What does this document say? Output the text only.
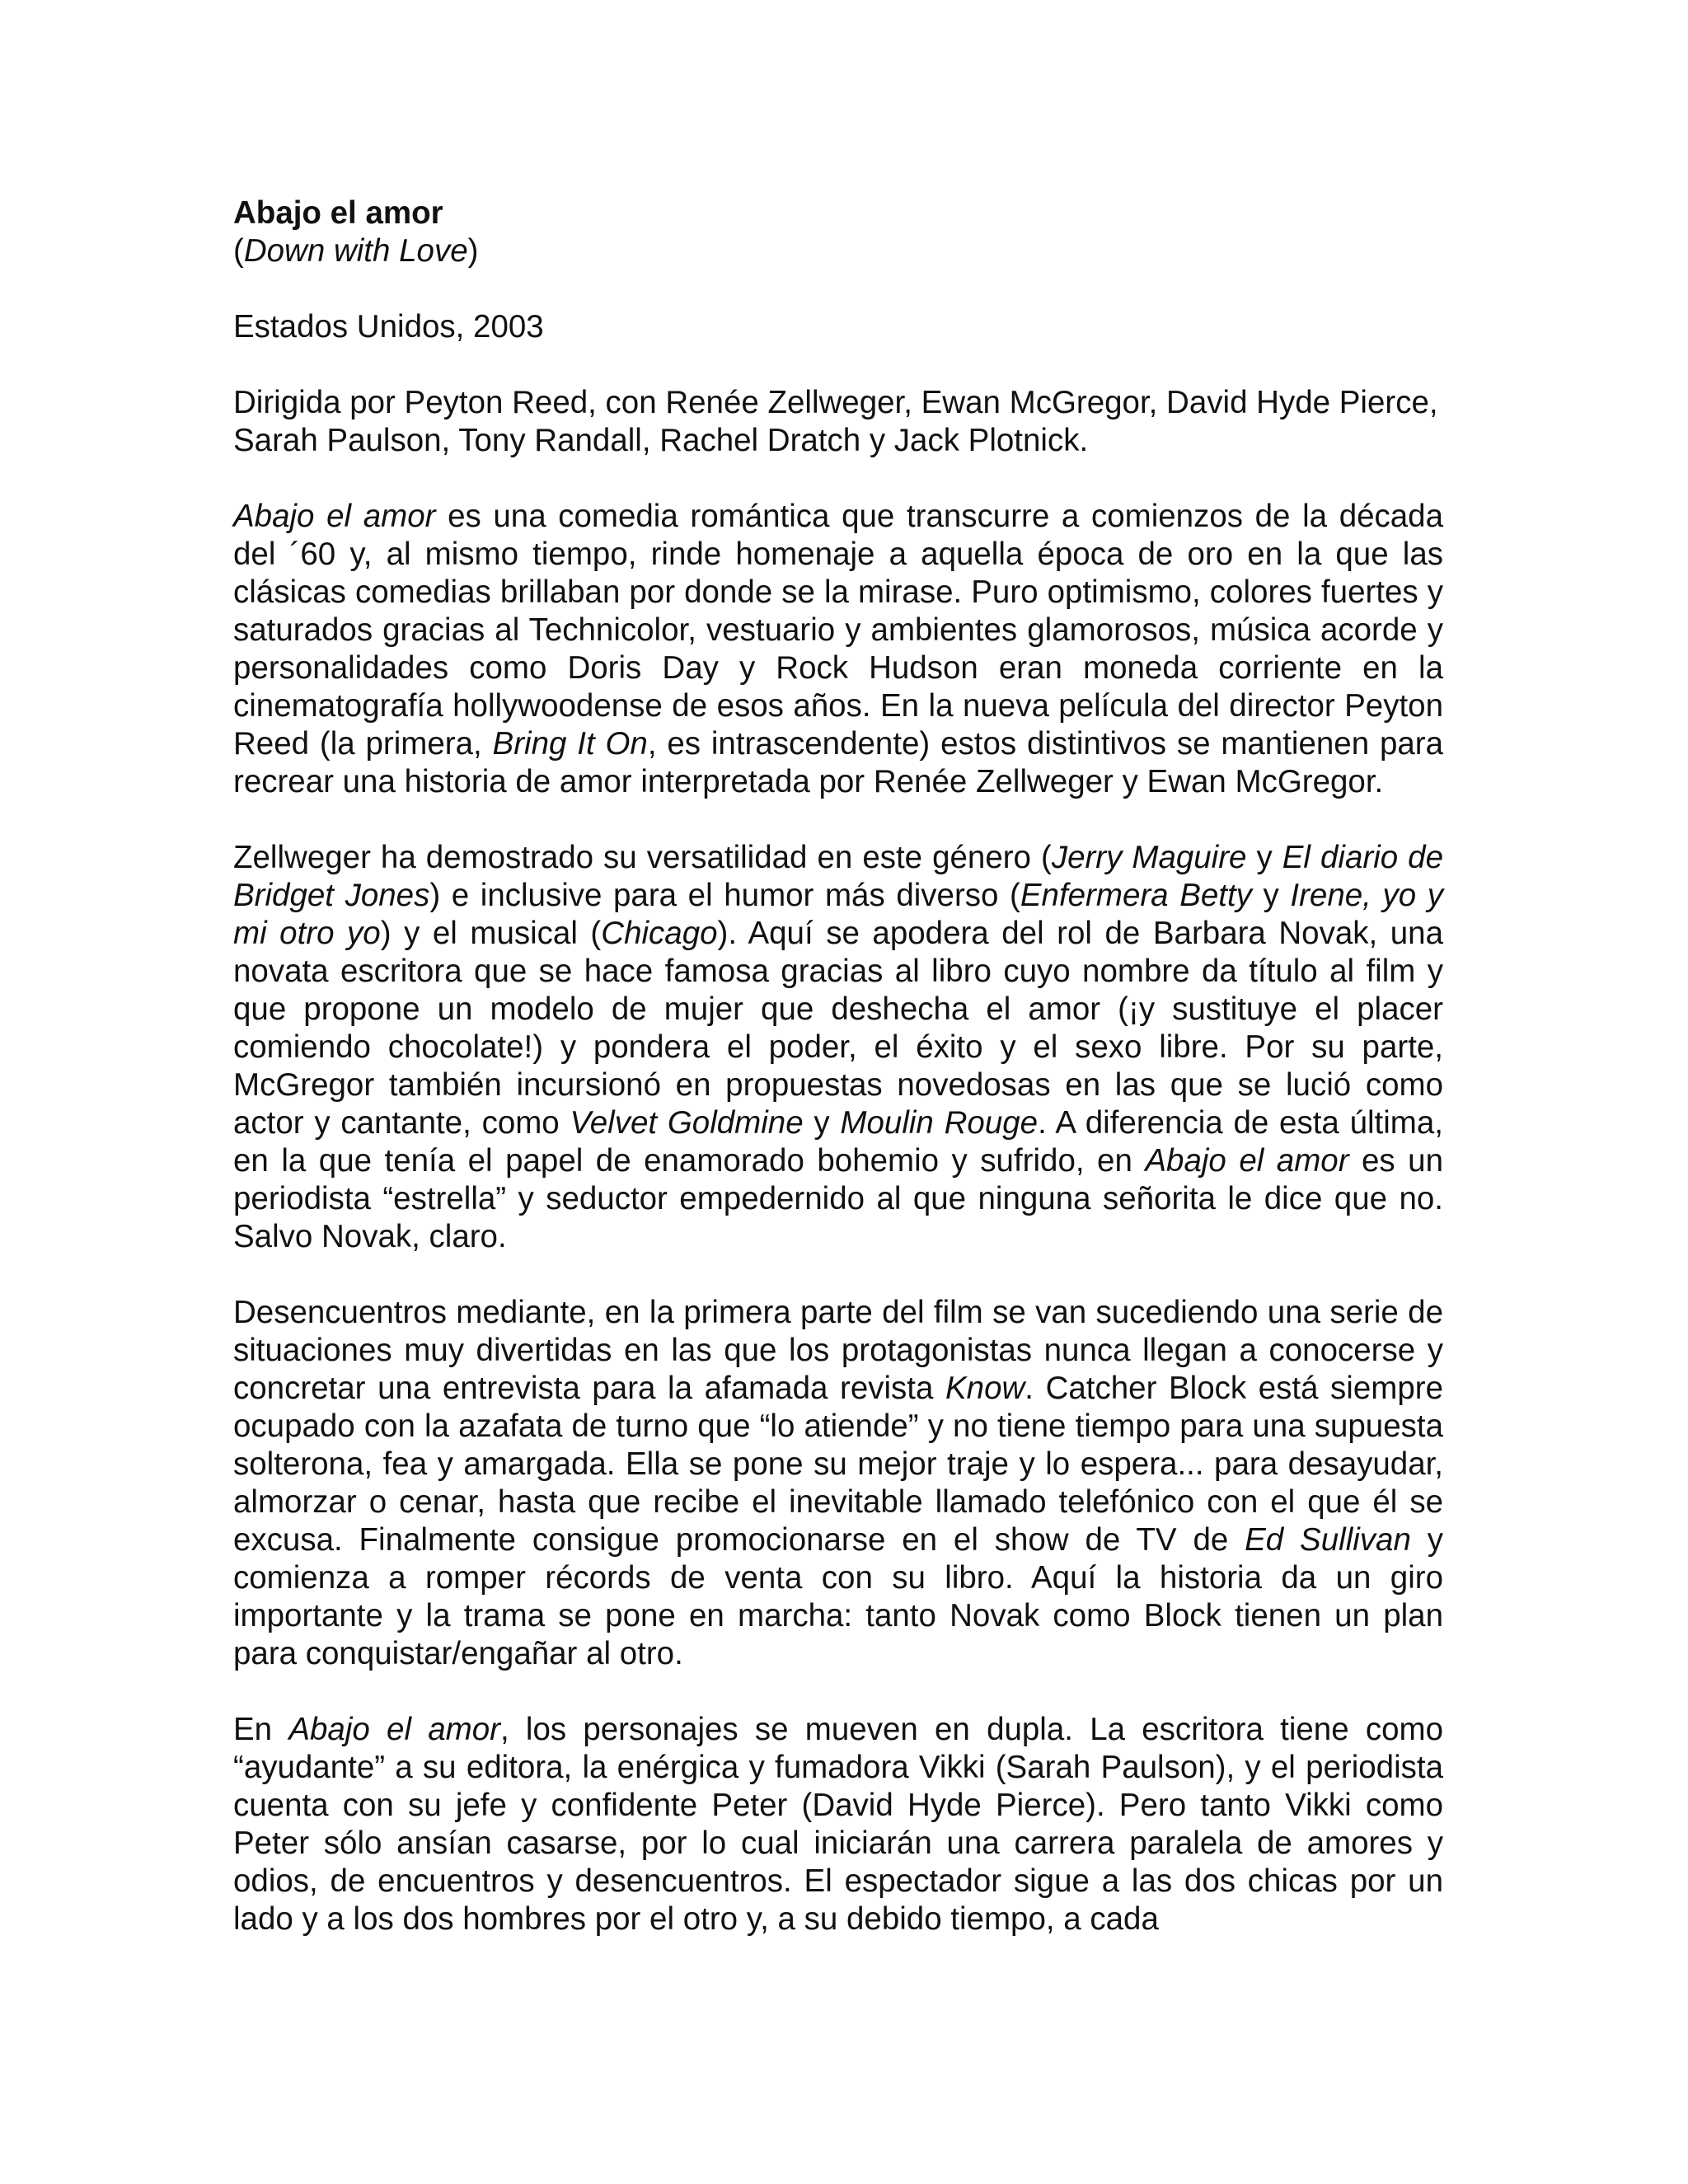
Abajo el amor

(Down with Love)

Estados Unidos, 2003

Dirigida por Peyton Reed, con Renée Zellweger, Ewan McGregor, David Hyde Pierce, Sarah Paulson, Tony Randall, Rachel Dratch y Jack Plotnick.

Abajo el amor es una comedia romántica que transcurre a comienzos de la década del ´60 y, al mismo tiempo, rinde homenaje a aquella época de oro en la que las clásicas comedias brillaban por donde se la mirase. Puro optimismo, colores fuertes y saturados gracias al Technicolor, vestuario y ambientes glamorosos, música acorde y personalidades como Doris Day y Rock Hudson eran moneda corriente en la cinematografía hollywoodense de esos años. En la nueva película del director Peyton Reed (la primera, Bring It On, es intrascendente) estos distintivos se mantienen para recrear una historia de amor interpretada por Renée Zellweger y Ewan McGregor.

Zellweger ha demostrado su versatilidad en este género (Jerry Maguire y El diario de Bridget Jones) e inclusive para el humor más diverso (Enfermera Betty y Irene, yo y mi otro yo) y el musical (Chicago). Aquí se apodera del rol de Barbara Novak, una novata escritora que se hace famosa gracias al libro cuyo nombre da título al film y que propone un modelo de mujer que deshecha el amor (¡y sustituye el placer comiendo chocolate!) y pondera el poder, el éxito y el sexo libre. Por su parte, McGregor también incursionó en propuestas novedosas en las que se lució como actor y cantante, como Velvet Goldmine y Moulin Rouge. A diferencia de esta última, en la que tenía el papel de enamorado bohemio y sufrido, en Abajo el amor es un periodista “estrella” y seductor empedernido al que ninguna señorita le dice que no. Salvo Novak, claro.

Desencuentros mediante, en la primera parte del film se van sucediendo una serie de situaciones muy divertidas en las que los protagonistas nunca llegan a conocerse y concretar una entrevista para la afamada revista Know. Catcher Block está siempre ocupado con la azafata de turno que “lo atiende” y no tiene tiempo para una supuesta solterona, fea y amargada. Ella se pone su mejor traje y lo espera... para desayudar, almorzar o cenar, hasta que recibe el inevitable llamado telefónico con el que él se excusa. Finalmente consigue promocionarse en el show de TV de Ed Sullivan y comienza a romper récords de venta con su libro. Aquí la historia da un giro importante y la trama se pone en marcha: tanto Novak como Block tienen un plan para conquistar/engañar al otro.

En Abajo el amor, los personajes se mueven en dupla. La escritora tiene como “ayudante” a su editora, la enérgica y fumadora Vikki (Sarah Paulson), y el periodista cuenta con su jefe y confidente Peter (David Hyde Pierce). Pero tanto Vikki como Peter sólo ansían casarse, por lo cual iniciarán una carrera paralela de amores y odios, de encuentros y desencuentros. El espectador sigue a las dos chicas por un lado y a los dos hombres por el otro y, a su debido tiempo, a cada
